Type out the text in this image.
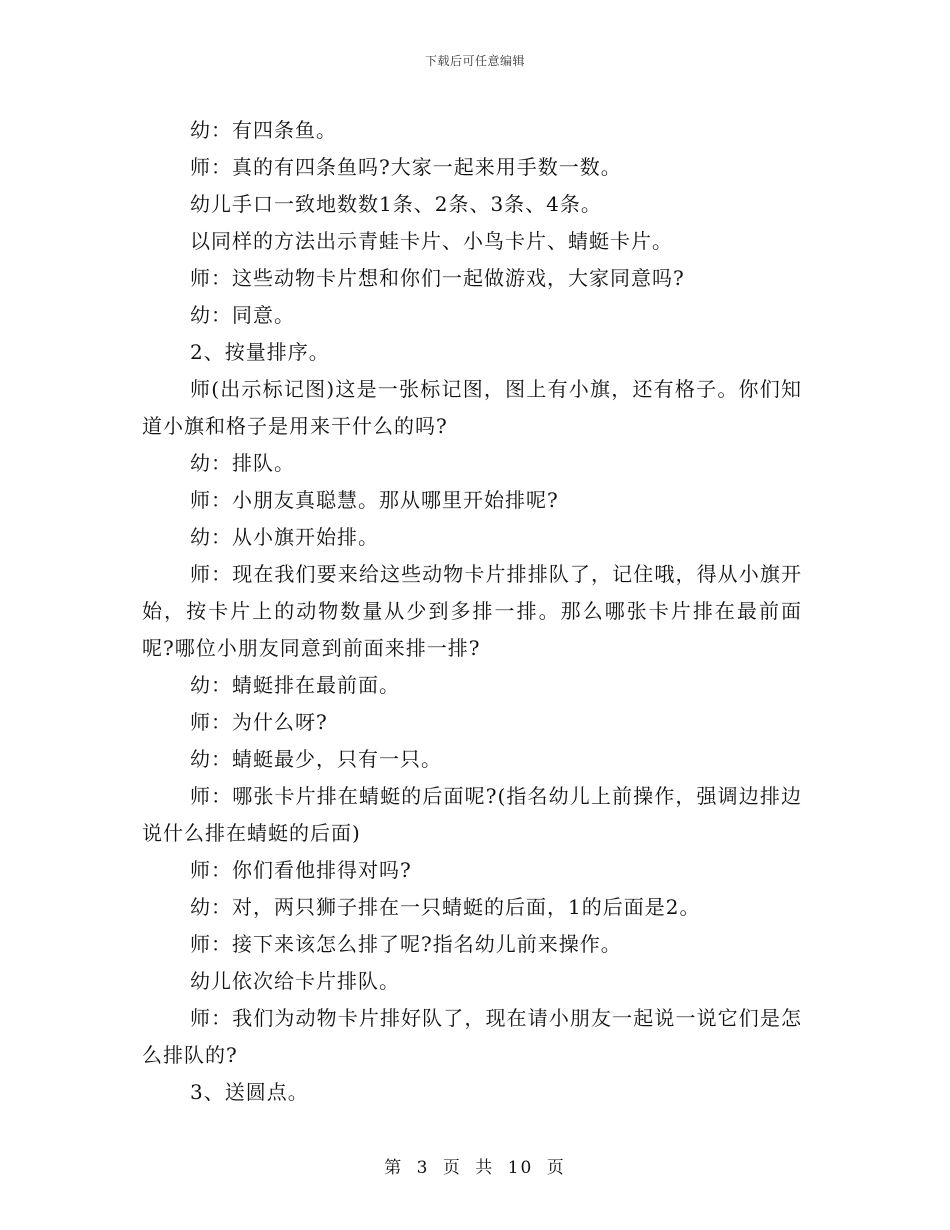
下载后可任意编辑

幼：有四条鱼。

师：真的有四条鱼吗?大家一起来用手数一数。

幼儿手口一致地数数1条、2条、3条、4条。

以同样的方法出示青蛙卡片、小鸟卡片、蜻蜓卡片。

师：这些动物卡片想和你们一起做游戏，大家同意吗?

幼：同意。

2、按量排序。

师(出示标记图)这是一张标记图，图上有小旗，还有格子。你们知道小旗和格子是用来干什么的吗?

幼：排队。

师：小朋友真聪慧。那从哪里开始排呢?

幼：从小旗开始排。

师：现在我们要来给这些动物卡片排排队了，记住哦，得从小旗开始，按卡片上的动物数量从少到多排一排。那么哪张卡片排在最前面呢?哪位小朋友同意到前面来排一排?

幼：蜻蜓排在最前面。

师：为什么呀?

幼：蜻蜓最少，只有一只。

师：哪张卡片排在蜻蜓的后面呢?(指名幼儿上前操作，强调边排边说什么排在蜻蜓的后面)

师：你们看他排得对吗?

幼：对，两只狮子排在一只蜻蜓的后面，1的后面是2。

师：接下来该怎么排了呢?指名幼儿前来操作。

幼儿依次给卡片排队。

师：我们为动物卡片排好队了，现在请小朋友一起说一说它们是怎么排队的?

3、送圆点。

第 3 页 共 10 页
